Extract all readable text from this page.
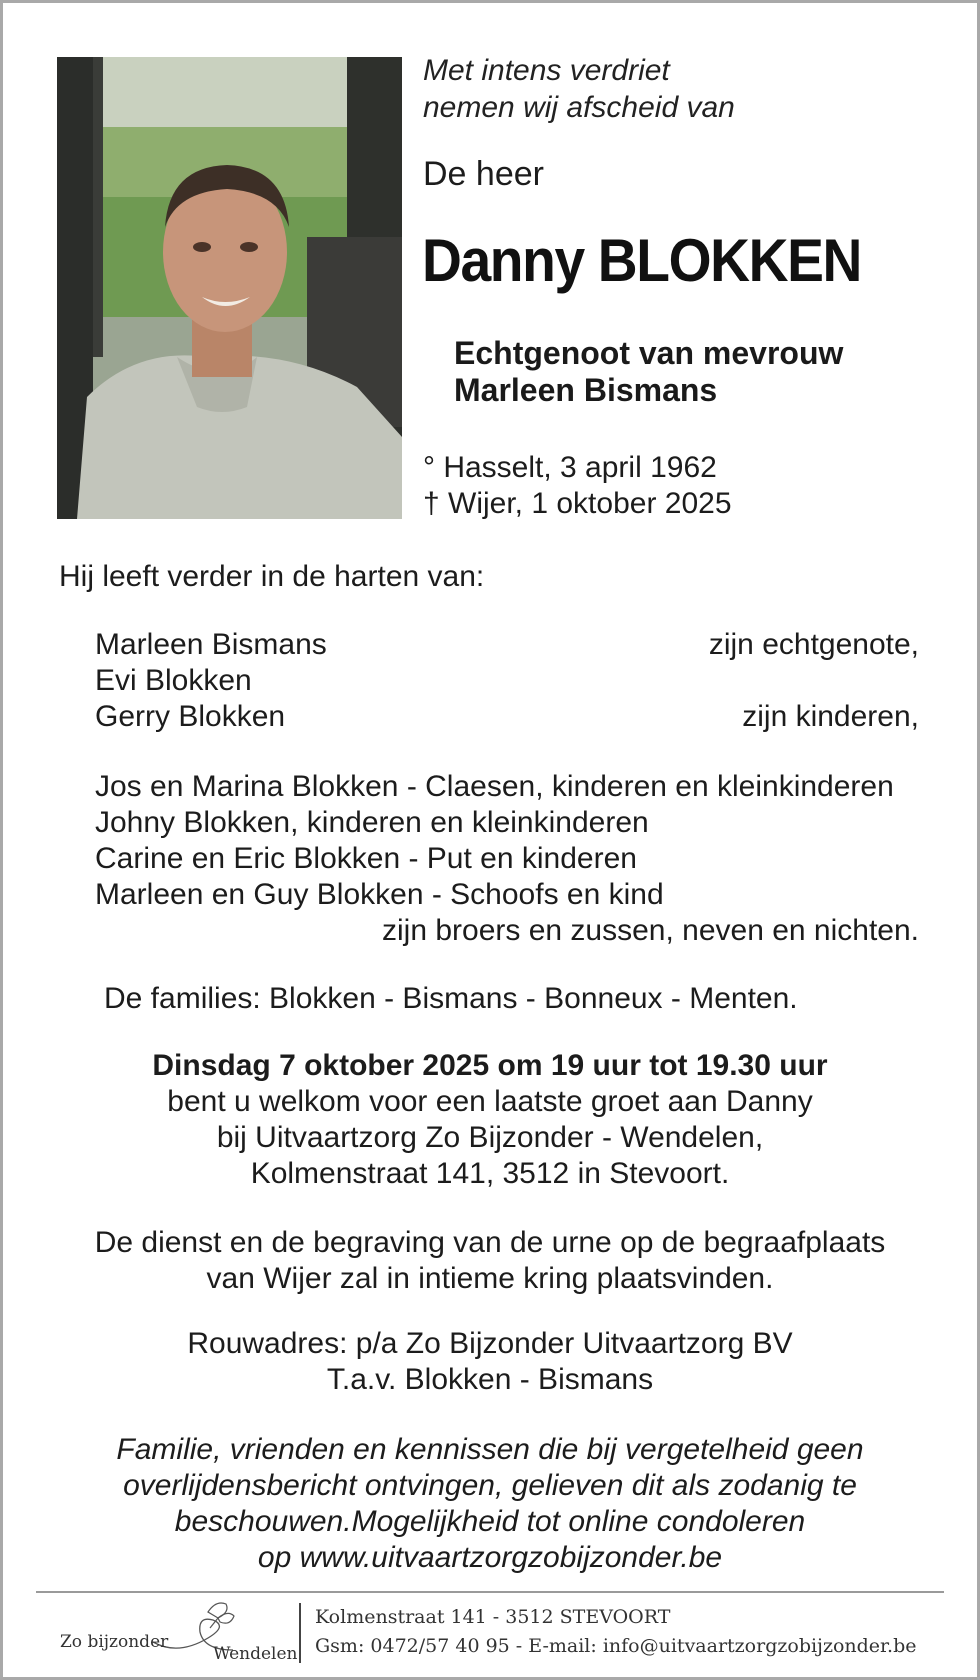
Met intens verdriet
nemen wij afscheid van
De heer
Danny BLOKKEN
Echtgenoot van mevrouw
Marleen Bismans
° Hasselt, 3 april 1962
† Wijer, 1 oktober 2025
Hij leeft verder in de harten van:
Marleen Bismans	zijn echtgenote,
Evi Blokken
Gerry Blokken	zijn kinderen,
Jos en Marina Blokken - Claesen, kinderen en kleinkinderen
Johny Blokken, kinderen en kleinkinderen
Carine en Eric Blokken - Put en kinderen
Marleen en Guy Blokken - Schoofs en kind
zijn broers en zussen, neven en nichten.
De families: Blokken - Bismans - Bonneux - Menten.
Dinsdag 7 oktober 2025 om 19 uur tot 19.30 uur
bent u welkom voor een laatste groet aan Danny
bij Uitvaartzorg Zo Bijzonder - Wendelen,
Kolmenstraat 141, 3512 in Stevoort.
De dienst en de begraving van de urne op de begraafplaats
van Wijer zal in intieme kring plaatsvinden.
Rouwadres: p/a Zo Bijzonder Uitvaartzorg BV
T.a.v. Blokken - Bismans
Familie, vrienden en kennissen die bij vergetelheid geen
overlijdensbericht ontvingen, gelieven dit als zodanig te
beschouwen.Mogelijkheid tot online condoleren
op www.uitvaartzorgzobijzonder.be
Zo bijzonder
Wendelen
Kolmenstraat 141 - 3512 STEVOORT
Gsm: 0472/57 40 95 - E-mail: info@uitvaartzorgzobijzonder.be
